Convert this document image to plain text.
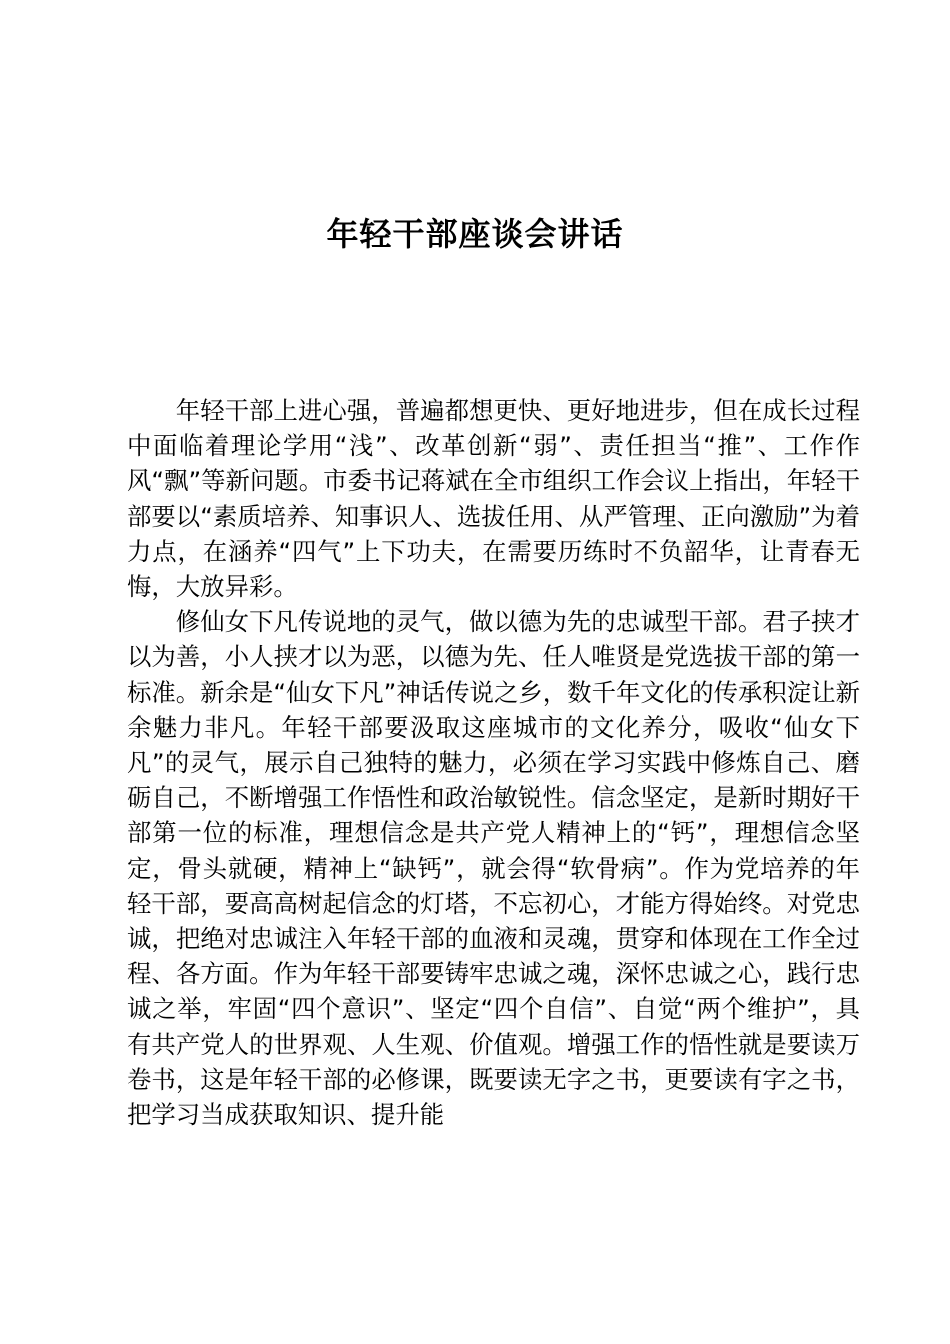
年轻干部座谈会讲话

年轻干部上进心强，普遍都想更快、更好地进步，但在成长过程中面临着理论学用“浅”、改革创新“弱”、责任担当“推”、工作作风“飘”等新问题。市委书记蒋斌在全市组织工作会议上指出，年轻干部要以“素质培养、知事识人、选拔任用、从严管理、正向激励”为着力点，在涵养“四气”上下功夫，在需要历练时不负韶华，让青春无悔，大放异彩。

修仙女下凡传说地的灵气，做以德为先的忠诚型干部。君子挟才以为善，小人挟才以为恶，以德为先、任人唯贤是党选拔干部的第一标准。新余是“仙女下凡”神话传说之乡，数千年文化的传承积淀让新余魅力非凡。年轻干部要汲取这座城市的文化养分，吸收“仙女下凡”的灵气，展示自己独特的魅力，必须在学习实践中修炼自己、磨砺自己，不断增强工作悟性和政治敏锐性。信念坚定，是新时期好干部第一位的标准，理想信念是共产党人精神上的“钙”，理想信念坚定，骨头就硬，精神上“缺钙”，就会得“软骨病”。作为党培养的年轻干部，要高高树起信念的灯塔，不忘初心，才能方得始终。对党忠诚，把绝对忠诚注入年轻干部的血液和灵魂，贯穿和体现在工作全过程、各方面。作为年轻干部要铸牢忠诚之魂，深怀忠诚之心，践行忠诚之举，牢固“四个意识”、坚定“四个自信”、自觉“两个维护”，具有共产党人的世界观、人生观、价值观。增强工作的悟性就是要读万卷书，这是年轻干部的必修课，既要读无字之书，更要读有字之书，把学习当成获取知识、提升能
